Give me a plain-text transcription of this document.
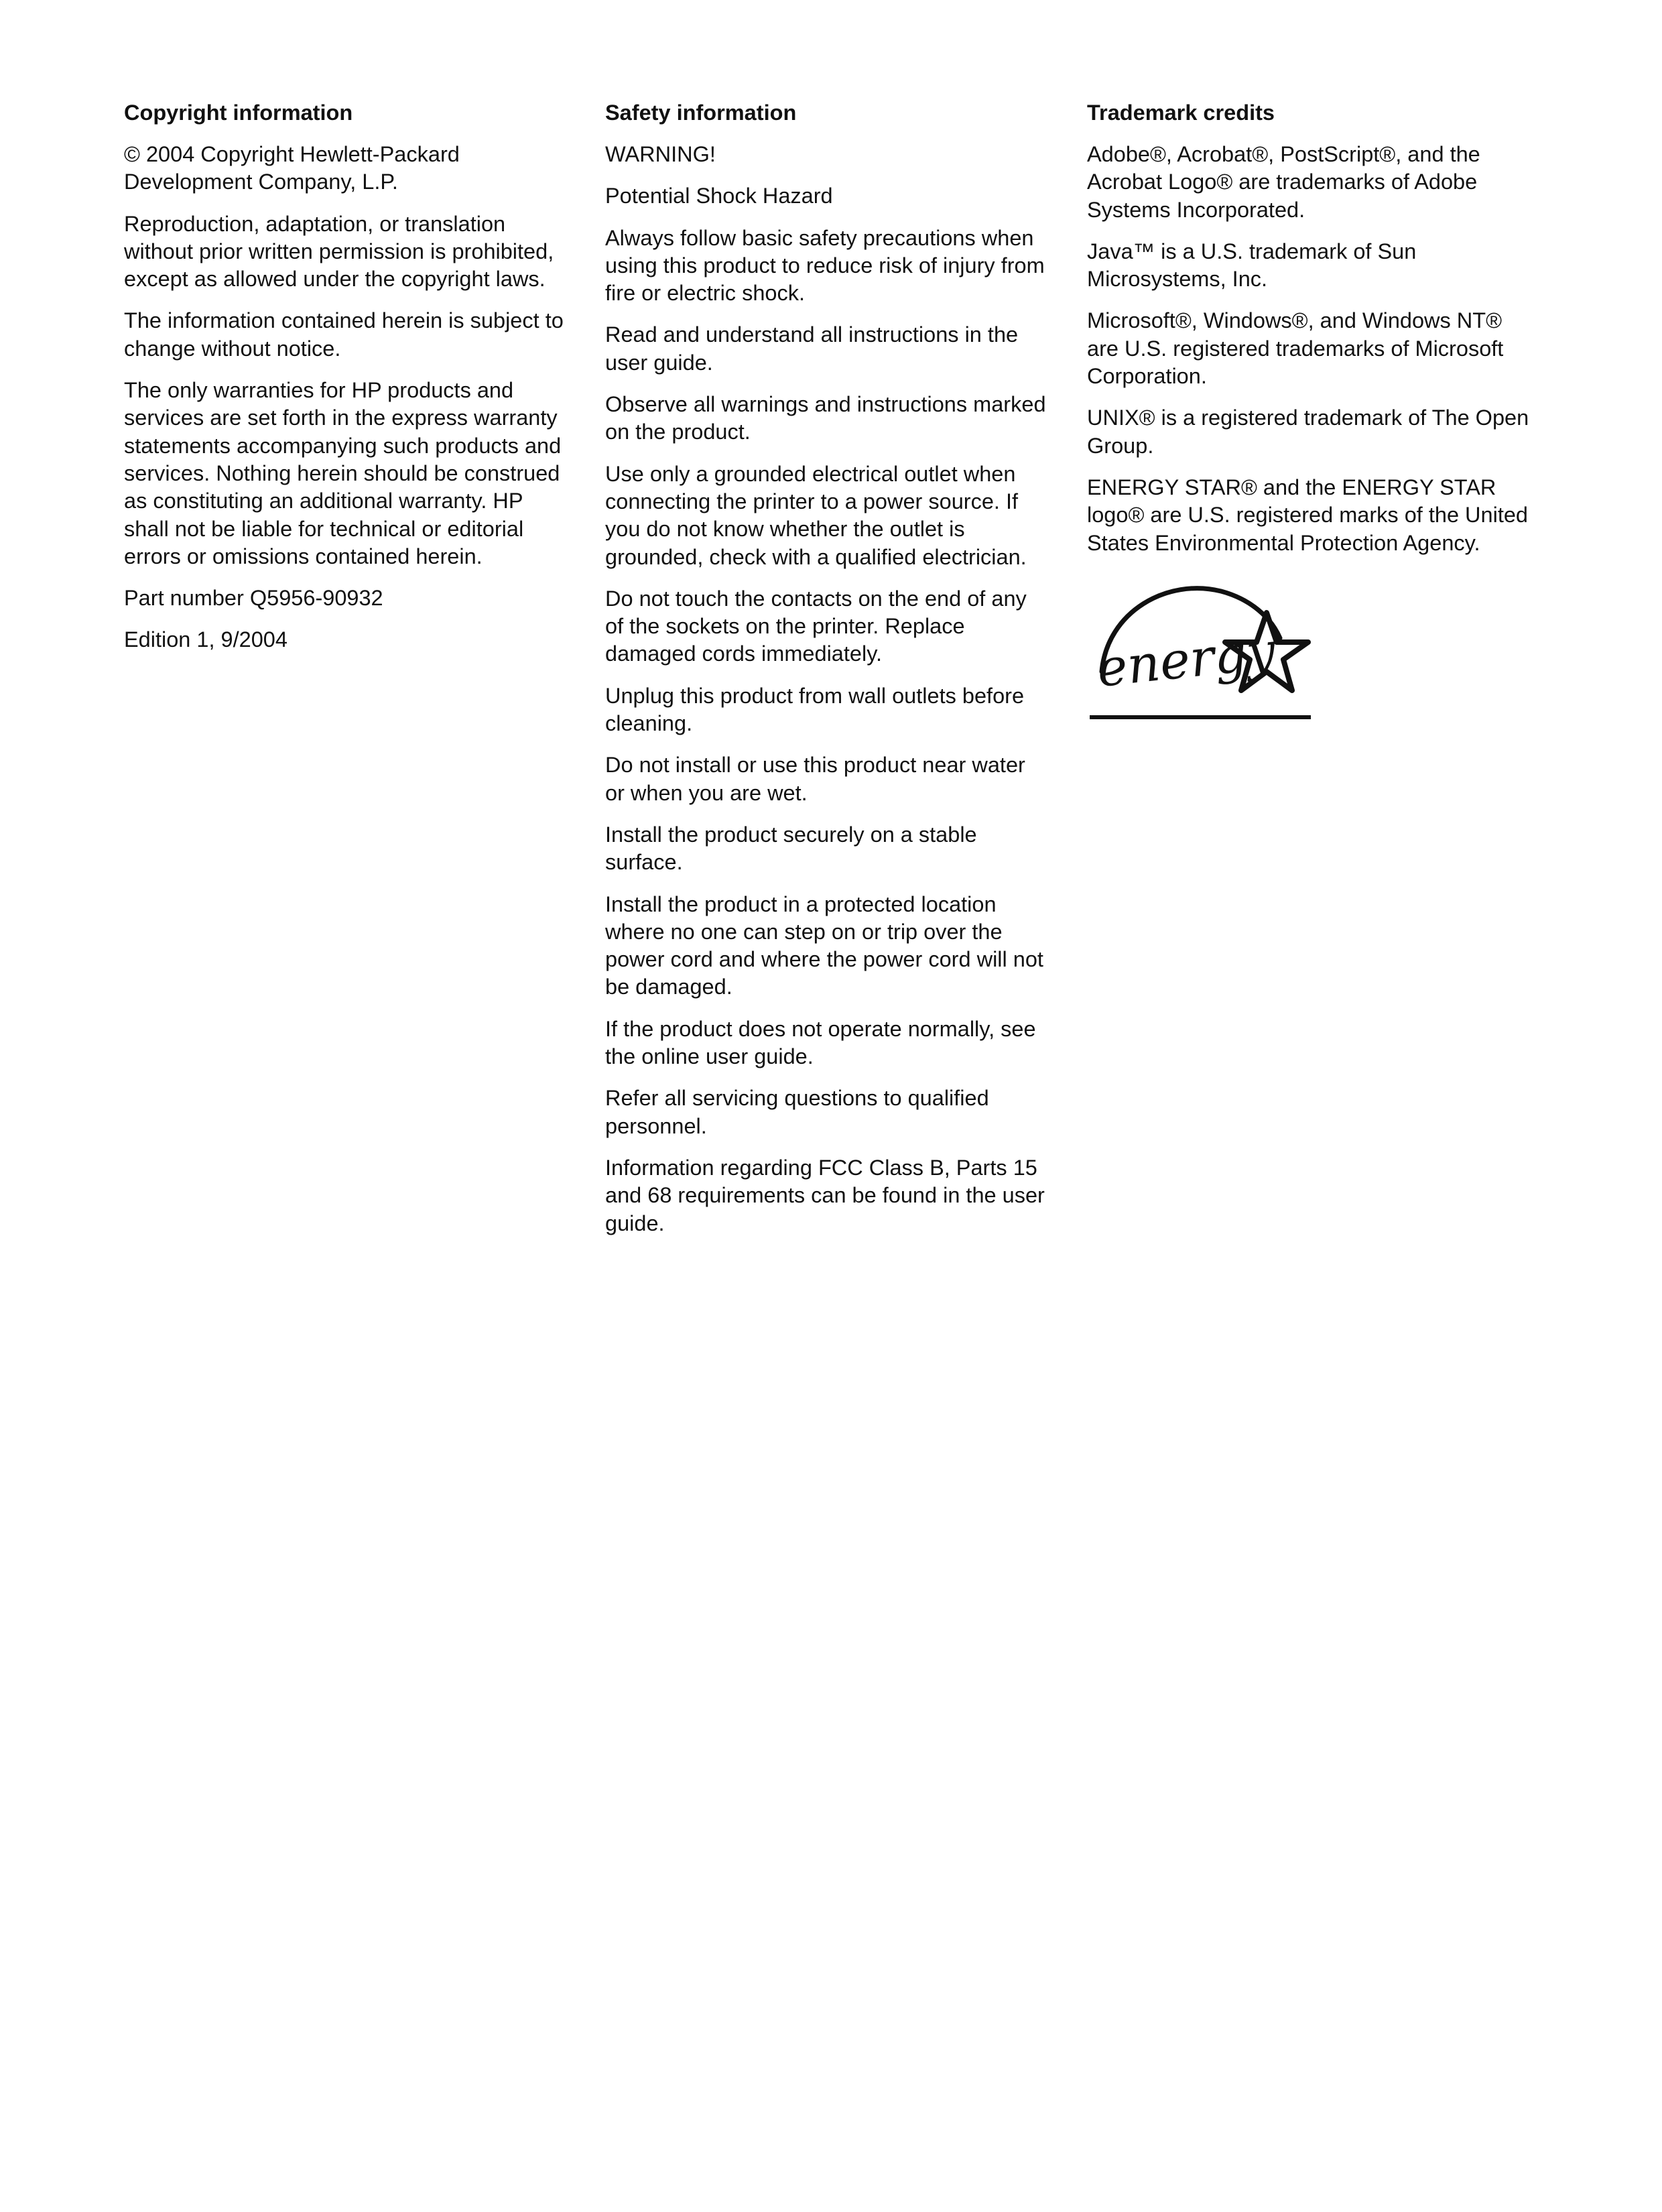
Copyright information

© 2004 Copyright Hewlett-Packard Development Company, L.P.

Reproduction, adaptation, or translation without prior written permission is prohibited, except as allowed under the copyright laws.

The information contained herein is subject to change without notice.

The only warranties for HP products and services are set forth in the express warranty statements accompanying such products and services. Nothing herein should be construed as constituting an additional warranty. HP shall not be liable for technical or editorial errors or omissions contained herein.

Part number Q5956-90932

Edition 1, 9/2004

Safety information

WARNING!

Potential Shock Hazard

Always follow basic safety precautions when using this product to reduce risk of injury from fire or electric shock.

Read and understand all instructions in the user guide.

Observe all warnings and instructions marked on the product.

Use only a grounded electrical outlet when connecting the printer to a power source. If you do not know whether the outlet is grounded, check with a qualified electrician.

Do not touch the contacts on the end of any of the sockets on the printer. Replace damaged cords immediately.

Unplug this product from wall outlets before cleaning.

Do not install or use this product near water or when you are wet.

Install the product securely on a stable surface.

Install the product in a protected location where no one can step on or trip over the power cord and where the power cord will not be damaged.

If the product does not operate normally, see the online user guide.

Refer all servicing questions to qualified personnel.

Information regarding FCC Class B, Parts 15 and 68 requirements can be found in the user guide.

Trademark credits

Adobe®, Acrobat®, PostScript®, and the Acrobat Logo® are trademarks of Adobe Systems Incorporated.

Java™ is a U.S. trademark of Sun Microsystems, Inc.

Microsoft®, Windows®, and Windows NT® are U.S. registered trademarks of Microsoft Corporation.

UNIX® is a registered trademark of The Open Group.

ENERGY STAR® and the ENERGY STAR logo® are U.S. registered marks of the United States Environmental Protection Agency.

energy
